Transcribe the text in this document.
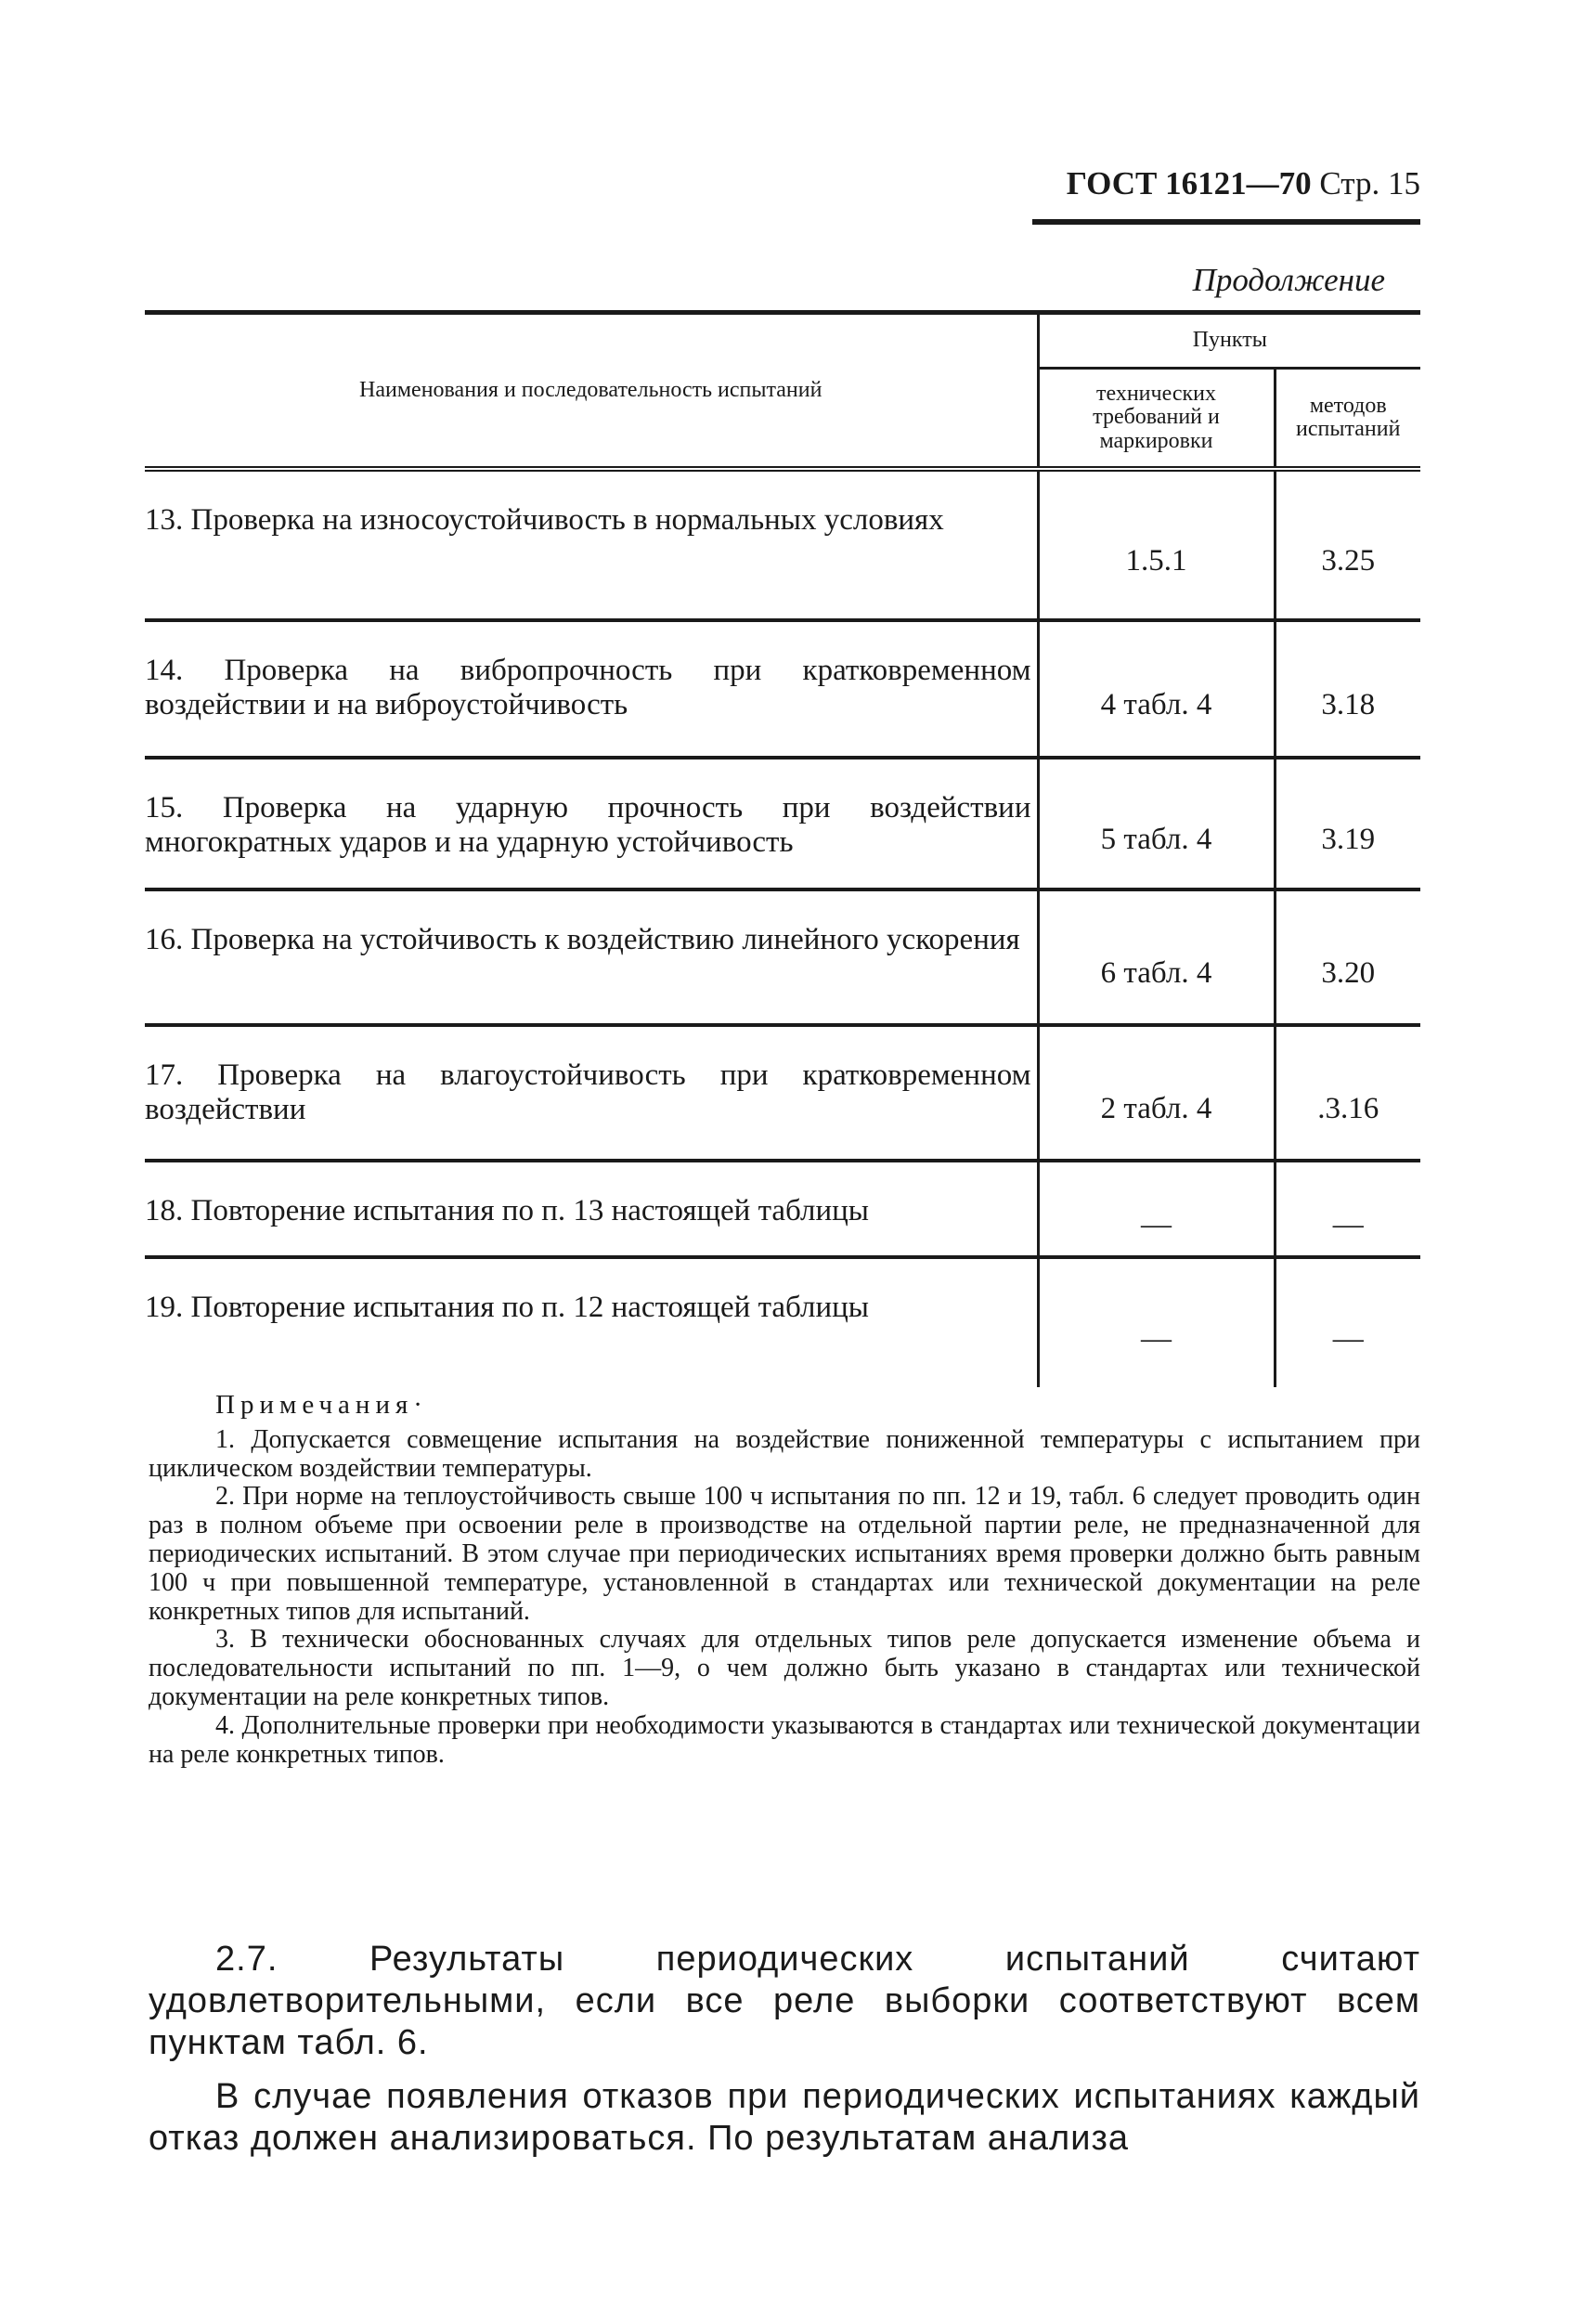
ГОСТ 16121—70 Стр. 15
Продолжение
Наименования и последовательность испытаний	Пункты	
	технических требований и маркировки	методов испытаний

13. Проверка на износоустойчивость в нормальных условиях	1.5.1	3.25
14. Проверка на вибропрочность при кратковременном воздействии и на виброустойчивость	4 табл. 4	3.18
15. Проверка на ударную прочность при воздействии многократных ударов и на ударную устойчивость	5 табл. 4	3.19
16. Проверка на устойчивость к воздействию линейного ускорения	6 табл. 4	3.20
17. Проверка на влагоустойчивость при кратковременном воздействии	2 табл. 4	.3.16
18. Повторение испытания по п. 13 настоящей таблицы	—	—
19. Повторение испытания по п. 12 настоящей таблицы	—	—
Примечания·

1. Допускается совмещение испытания на воздействие пониженной температуры с испытанием при циклическом воздействии температуры.

2. При норме на теплоустойчивость свыше 100 ч испытания по пп. 12 и 19, табл. 6 следует проводить один раз в полном объеме при освоении реле в производстве на отдельной партии реле, не предназначенной для периодических испытаний. В этом случае при периодических испытаниях время проверки должно быть равным 100 ч при повышенной температуре, установленной в стандартах или технической документации на реле конкретных типов для испытаний.

3. В технически обоснованных случаях для отдельных типов реле допускается изменение объема и последовательности испытаний по пп. 1—9, о чем должно быть указано в стандартах или технической документации на реле конкретных типов.

4. Дополнительные проверки при необходимости указываются в стандартах или технической документации на реле конкретных типов.

2.7. Результаты периодических испытаний считают удовлетворительными, если все реле выборки соответствуют всем пунктам табл. 6.

В случае появления отказов при периодических испытаниях каждый отказ должен анализироваться. По результатам анализа
